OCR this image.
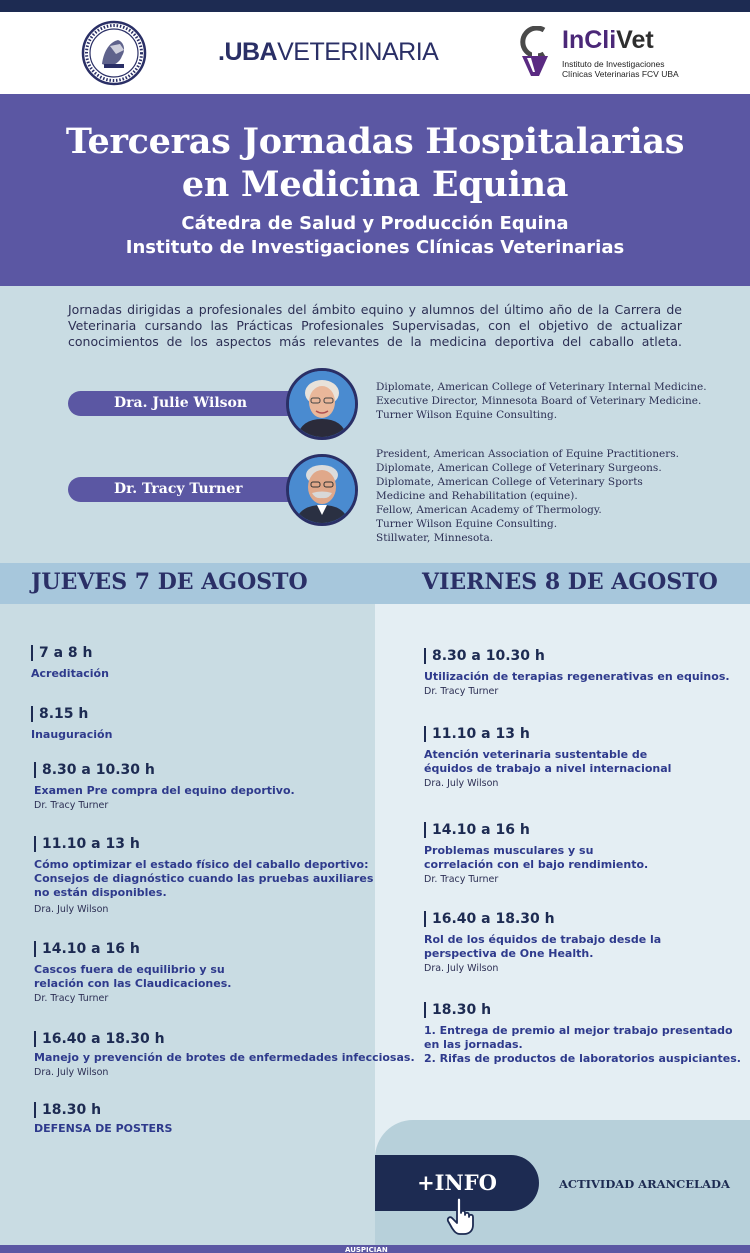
.UBAVETERINARIA	InCliVet
Instituto de Investigaciones
Clínicas Veterinarias FCV UBA
Terceras Jornadas Hospitalarias
en Medicina Equina
Cátedra de Salud y Producción Equina
Instituto de Investigaciones Clínicas Veterinarias

Jornadas dirigidas a profesionales del ámbito equino y alumnos del último año de la Carrera de Veterinaria cursando las Prácticas Profesionales Supervisadas, con el objetivo de actualizar conocimientos de los aspectos más relevantes de la medicina deportiva del caballo atleta.

Dra. Julie Wilson
Diplomate, American College of Veterinary Internal Medicine.
Executive Director, Minnesota Board of Veterinary Medicine.
Turner Wilson Equine Consulting.
Dr. Tracy Turner
President, American Association of Equine Practitioners.
Diplomate, American College of Veterinary Surgeons.
Diplomate, American College of Veterinary Sports
Medicine and Rehabilitation (equine).
Fellow, American Academy of Thermology.
Turner Wilson Equine Consulting.
Stillwater, Minnesota.
JUEVES 7 DE AGOSTO	VIERNES 8 DE AGOSTO
7 a 8 h
Acreditación
8.15 h
Inauguración
8.30 a 10.30 h
Examen Pre compra del equino deportivo.
Dr. Tracy Turner
11.10 a 13 h
Cómo optimizar el estado físico del caballo deportivo:
Consejos de diagnóstico cuando las pruebas auxiliares
no están disponibles.
Dra. July Wilson
14.10 a 16 h
Cascos fuera de equilibrio y su
relación con las Claudicaciones.
Dr. Tracy Turner
16.40 a 18.30 h
Manejo y prevención de brotes de enfermedades infecciosas.
Dra. July Wilson
18.30 h
DEFENSA DE POSTERS
8.30 a 10.30 h
Utilización de terapias regenerativas en equinos.
Dr. Tracy Turner
11.10 a 13 h
Atención veterinaria sustentable de
équidos de trabajo a nivel internacional
Dra. July Wilson
14.10 a 16 h
Problemas musculares y su
correlación con el bajo rendimiento.
Dr. Tracy Turner
16.40 a 18.30 h
Rol de los équidos de trabajo desde la
perspectiva de One Health.
Dra. July Wilson
18.30 h
1. Entrega de premio al mejor trabajo presentado
en las jornadas.
2. Rifas de productos de laboratorios auspiciantes.
+INFO	ACTIVIDAD ARANCELADA
AUSPICIAN
